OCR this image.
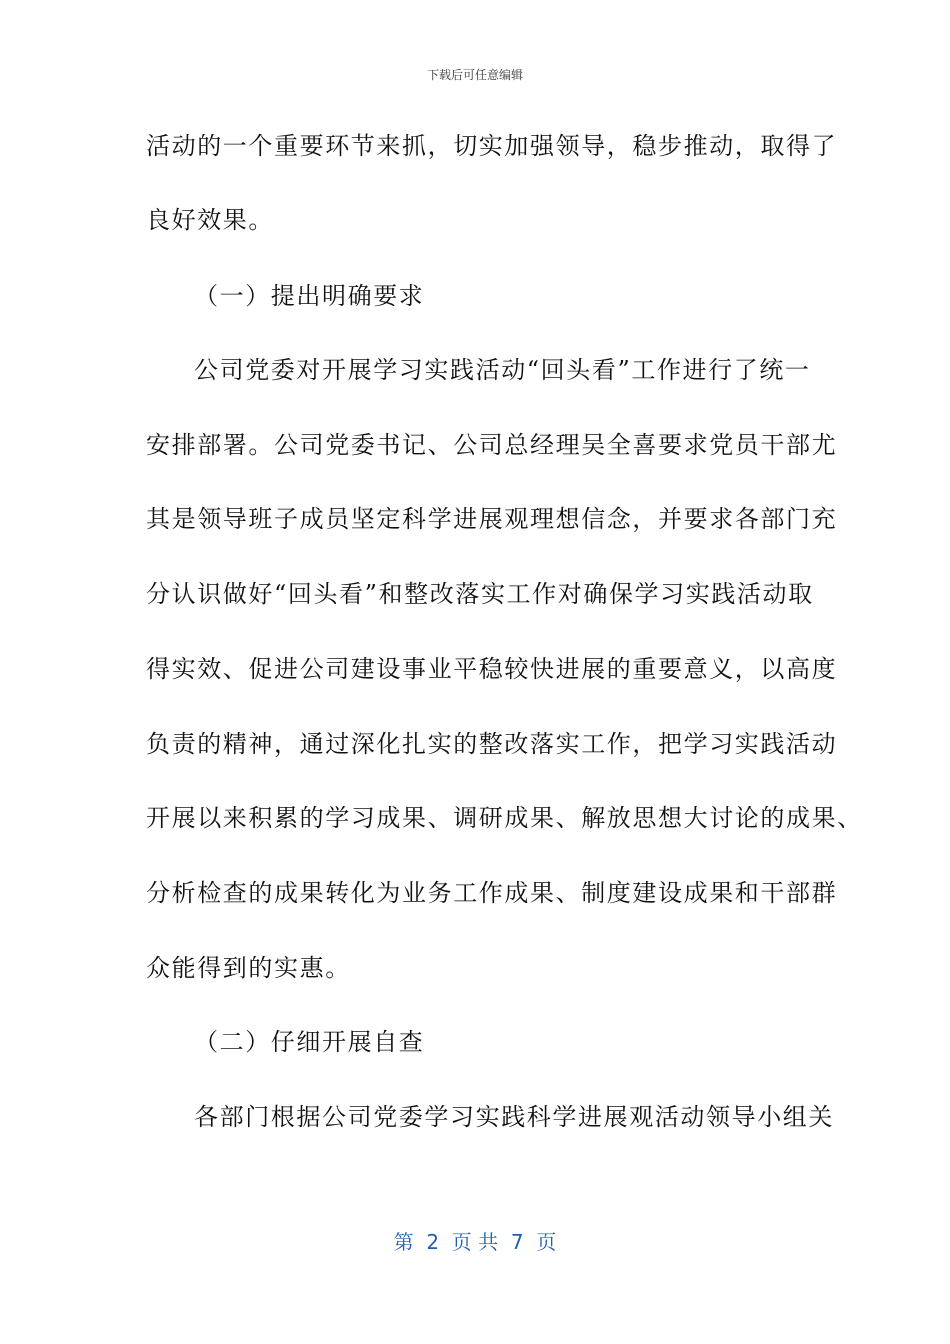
下载后可任意编辑
活动的一个重要环节来抓，切实加强领导，稳步推动，取得了
良好效果。
（一）提出明确要求
公司党委对开展学习实践活动“回头看”工作进行了统一
安排部署。公司党委书记、公司总经理吴全喜要求党员干部尤
其是领导班子成员坚定科学进展观理想信念，并要求各部门充
分认识做好“回头看”和整改落实工作对确保学习实践活动取
得实效、促进公司建设事业平稳较快进展的重要意义，以高度
负责的精神，通过深化扎实的整改落实工作，把学习实践活动
开展以来积累的学习成果、调研成果、解放思想大讨论的成果、
分析检查的成果转化为业务工作成果、制度建设成果和干部群
众能得到的实惠。
（二）仔细开展自查
各部门根据公司党委学习实践科学进展观活动领导小组关
第  2  页 共  7  页
